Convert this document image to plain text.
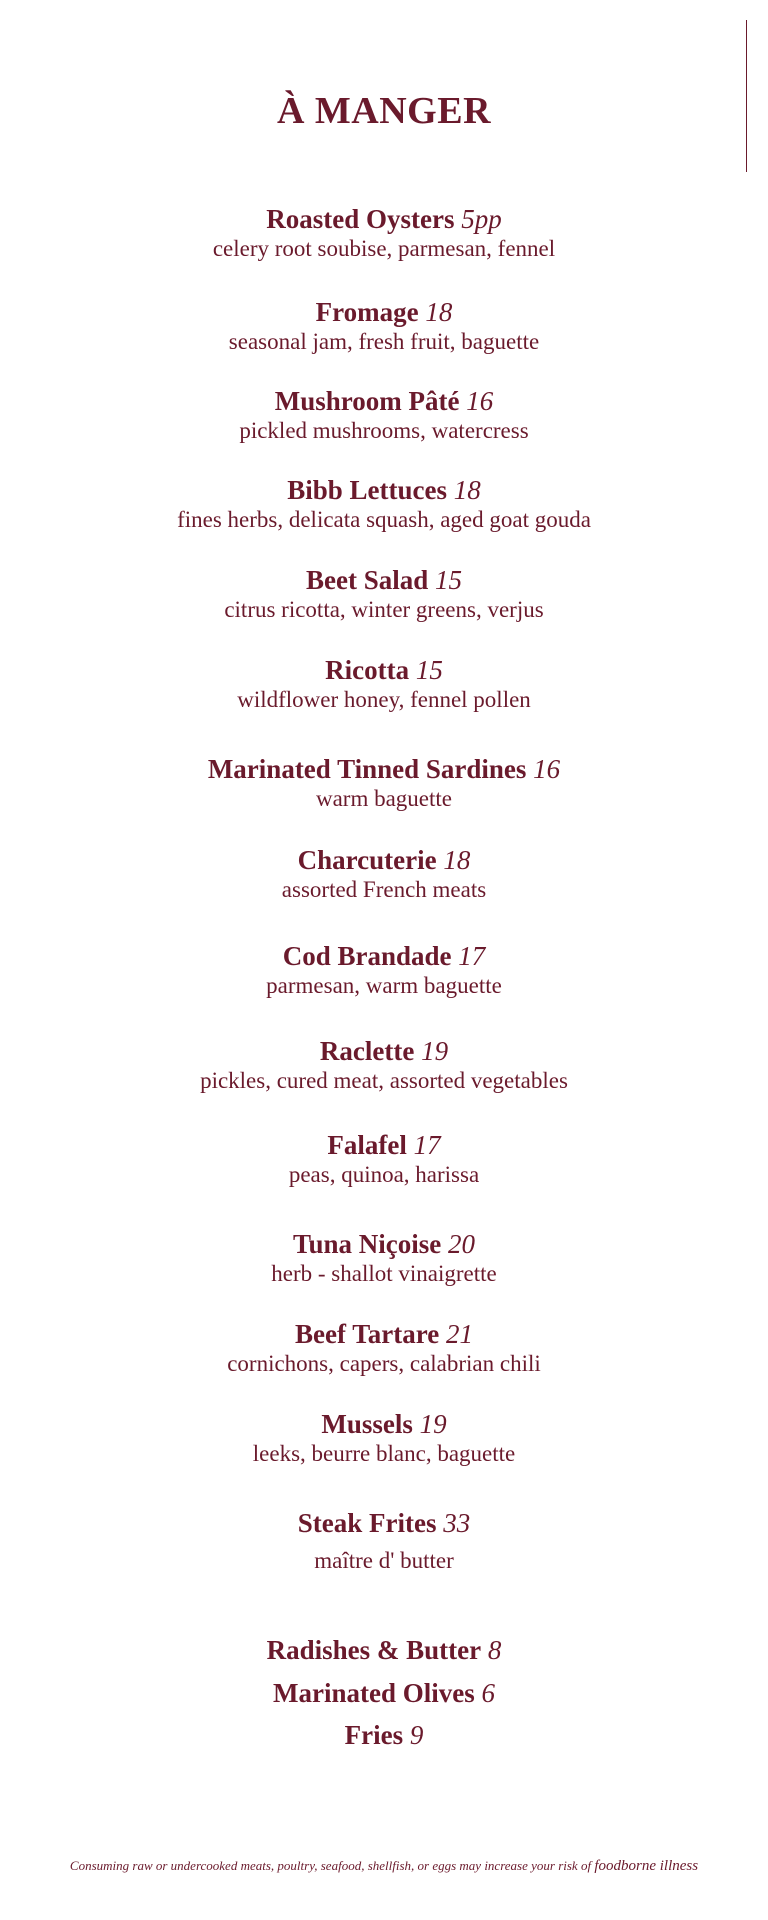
À MANGER
Roasted Oysters 5pp
celery root soubise, parmesan, fennel
Fromage 18
seasonal jam, fresh fruit, baguette
Mushroom Pâté 16
pickled mushrooms, watercress
Bibb Lettuces 18
fines herbs, delicata squash, aged goat gouda
Beet Salad 15
citrus ricotta, winter greens, verjus
Ricotta 15
wildflower honey, fennel pollen
Marinated Tinned Sardines 16
warm baguette
Charcuterie 18
assorted French meats
Cod Brandade 17
parmesan, warm baguette
Raclette 19
pickles, cured meat, assorted vegetables
Falafel 17
peas, quinoa, harissa
Tuna Niçoise 20
herb - shallot vinaigrette
Beef Tartare 21
cornichons, capers, calabrian chili
Mussels 19
leeks, beurre blanc, baguette
Steak Frites 33
maître d' butter
Radishes & Butter 8
Marinated Olives 6
Fries 9
Consuming raw or undercooked meats, poultry, seafood, shellfish, or eggs may increase your risk of foodborne illness
